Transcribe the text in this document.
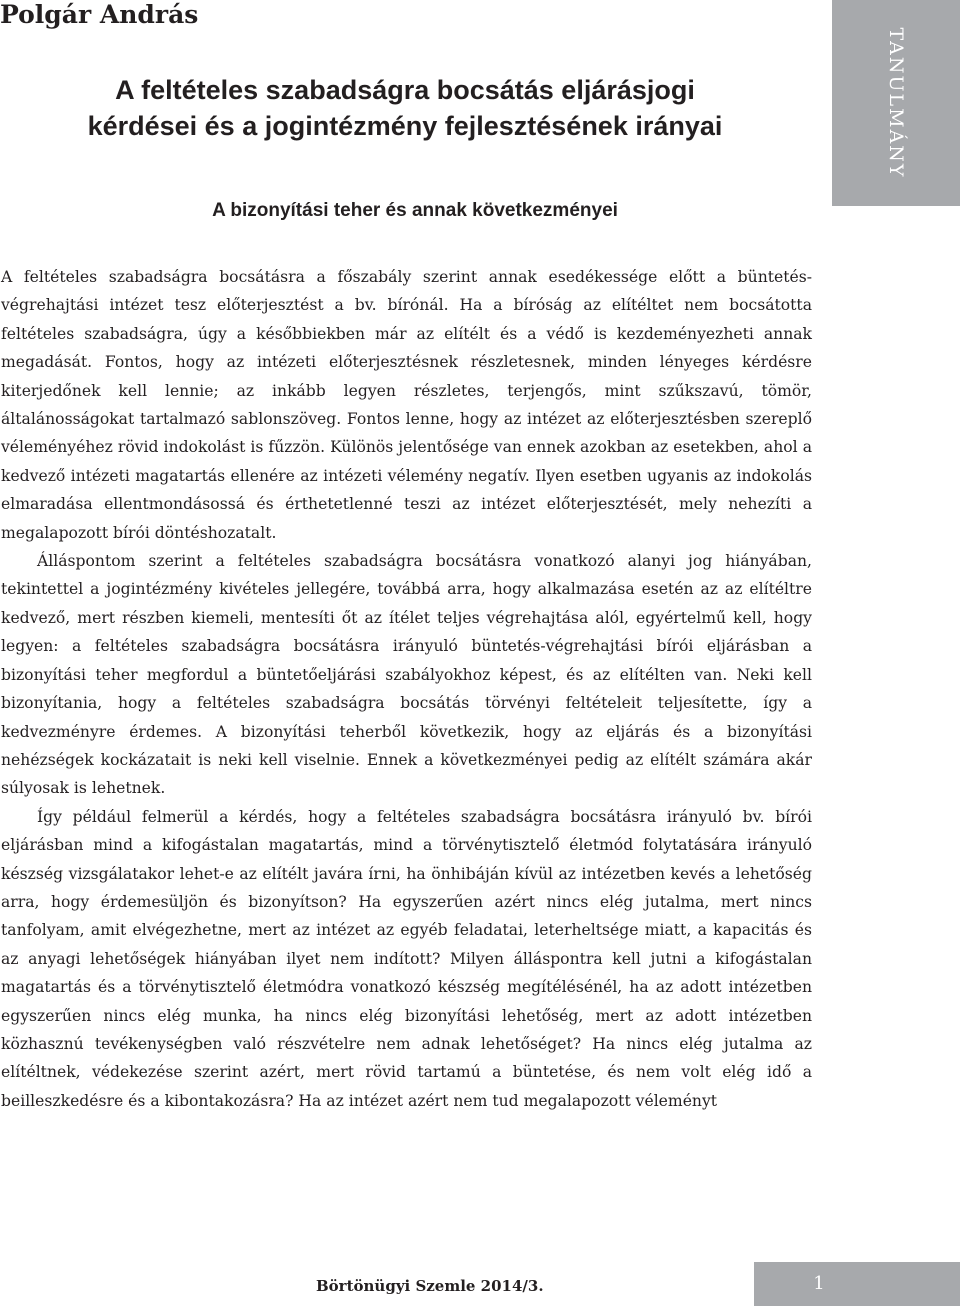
Polgár András
TANULMÁNY
A feltételes szabadságra bocsátás eljárásjogi
kérdései és a jogintézmény fejlesztésének irányai
A bizonyítási teher és annak következményei

A feltételes szabadságra bocsátásra a főszabály szerint annak esedékessége előtt a büntetés-végrehajtási intézet tesz előterjesztést a bv. bírónál. Ha a bíróság az elítéltet nem bocsátotta feltételes szabadságra, úgy a későbbiekben már az elítélt és a védő is kezdeményezheti annak megadását. Fontos, hogy az intézeti előterjesztésnek részletesnek, minden lényeges kérdésre kiterjedőnek kell lennie; az inkább legyen részletes, terjengős, mint szűkszavú, tömör, általánosságokat tartalmazó sablonszöveg. Fontos lenne, hogy az intézet az előterjesztésben szereplő véleményéhez rövid indokolást is fűzzön. Különös jelentősége van ennek azokban az esetekben, ahol a kedvező intézeti magatartás ellenére az intézeti vélemény negatív. Ilyen esetben ugyanis az indokolás elmaradása ellentmondásossá és érthetetlenné teszi az intézet előterjesztését, mely nehezíti a megalapozott bírói döntéshozatalt.

Álláspontom szerint a feltételes szabadságra bocsátásra vonatkozó alanyi jog hiányában, tekintettel a jogintézmény kivételes jellegére, továbbá arra, hogy alkalmazása esetén az az elítéltre kedvező, mert részben kiemeli, mentesíti őt az ítélet teljes végrehajtása alól, egyértelmű kell, hogy legyen: a feltételes szabadságra bocsátásra irányuló büntetés-végrehajtási bírói eljárásban a bizonyítási teher megfordul a büntetőeljárási szabályokhoz képest, és az elítélten van. Neki kell bizonyítania, hogy a feltételes szabadságra bocsátás törvényi feltételeit teljesítette, így a kedvezményre érdemes. A bizonyítási teherből következik, hogy az eljárás és a bizonyítási nehézségek kockázatait is neki kell viselnie. Ennek a következményei pedig az elítélt számára akár súlyosak is lehetnek.

Így például felmerül a kérdés, hogy a feltételes szabadságra bocsátásra irányuló bv. bírói eljárásban mind a kifogástalan magatartás, mind a törvénytisztelő életmód folytatására irányuló készség vizsgálatakor lehet-e az elítélt javára írni, ha önhibáján kívül az intézetben kevés a lehetőség arra, hogy érdemesüljön és bizonyítson? Ha egyszerűen azért nincs elég jutalma, mert nincs tanfolyam, amit elvégezhetne, mert az intézet az egyéb feladatai, leterheltsége miatt, a kapacitás és az anyagi lehetőségek hiányában ilyet nem indított? Milyen álláspontra kell jutni a kifogástalan magatartás és a törvénytisztelő életmódra vonatkozó készség megítélésénél, ha az adott intézetben egyszerűen nincs elég munka, ha nincs elég bizonyítási lehetőség, mert az adott intézetben közhasznú tevékenységben való részvételre nem adnak lehetőséget? Ha nincs elég jutalma az elítéltnek, védekezése szerint azért, mert rövid tartamú a büntetése, és nem volt elég idő a beilleszkedésre és a kibontakozásra? Ha az intézet azért nem tud megalapozott véleményt

Börtönügyi Szemle 2014/3.	1
